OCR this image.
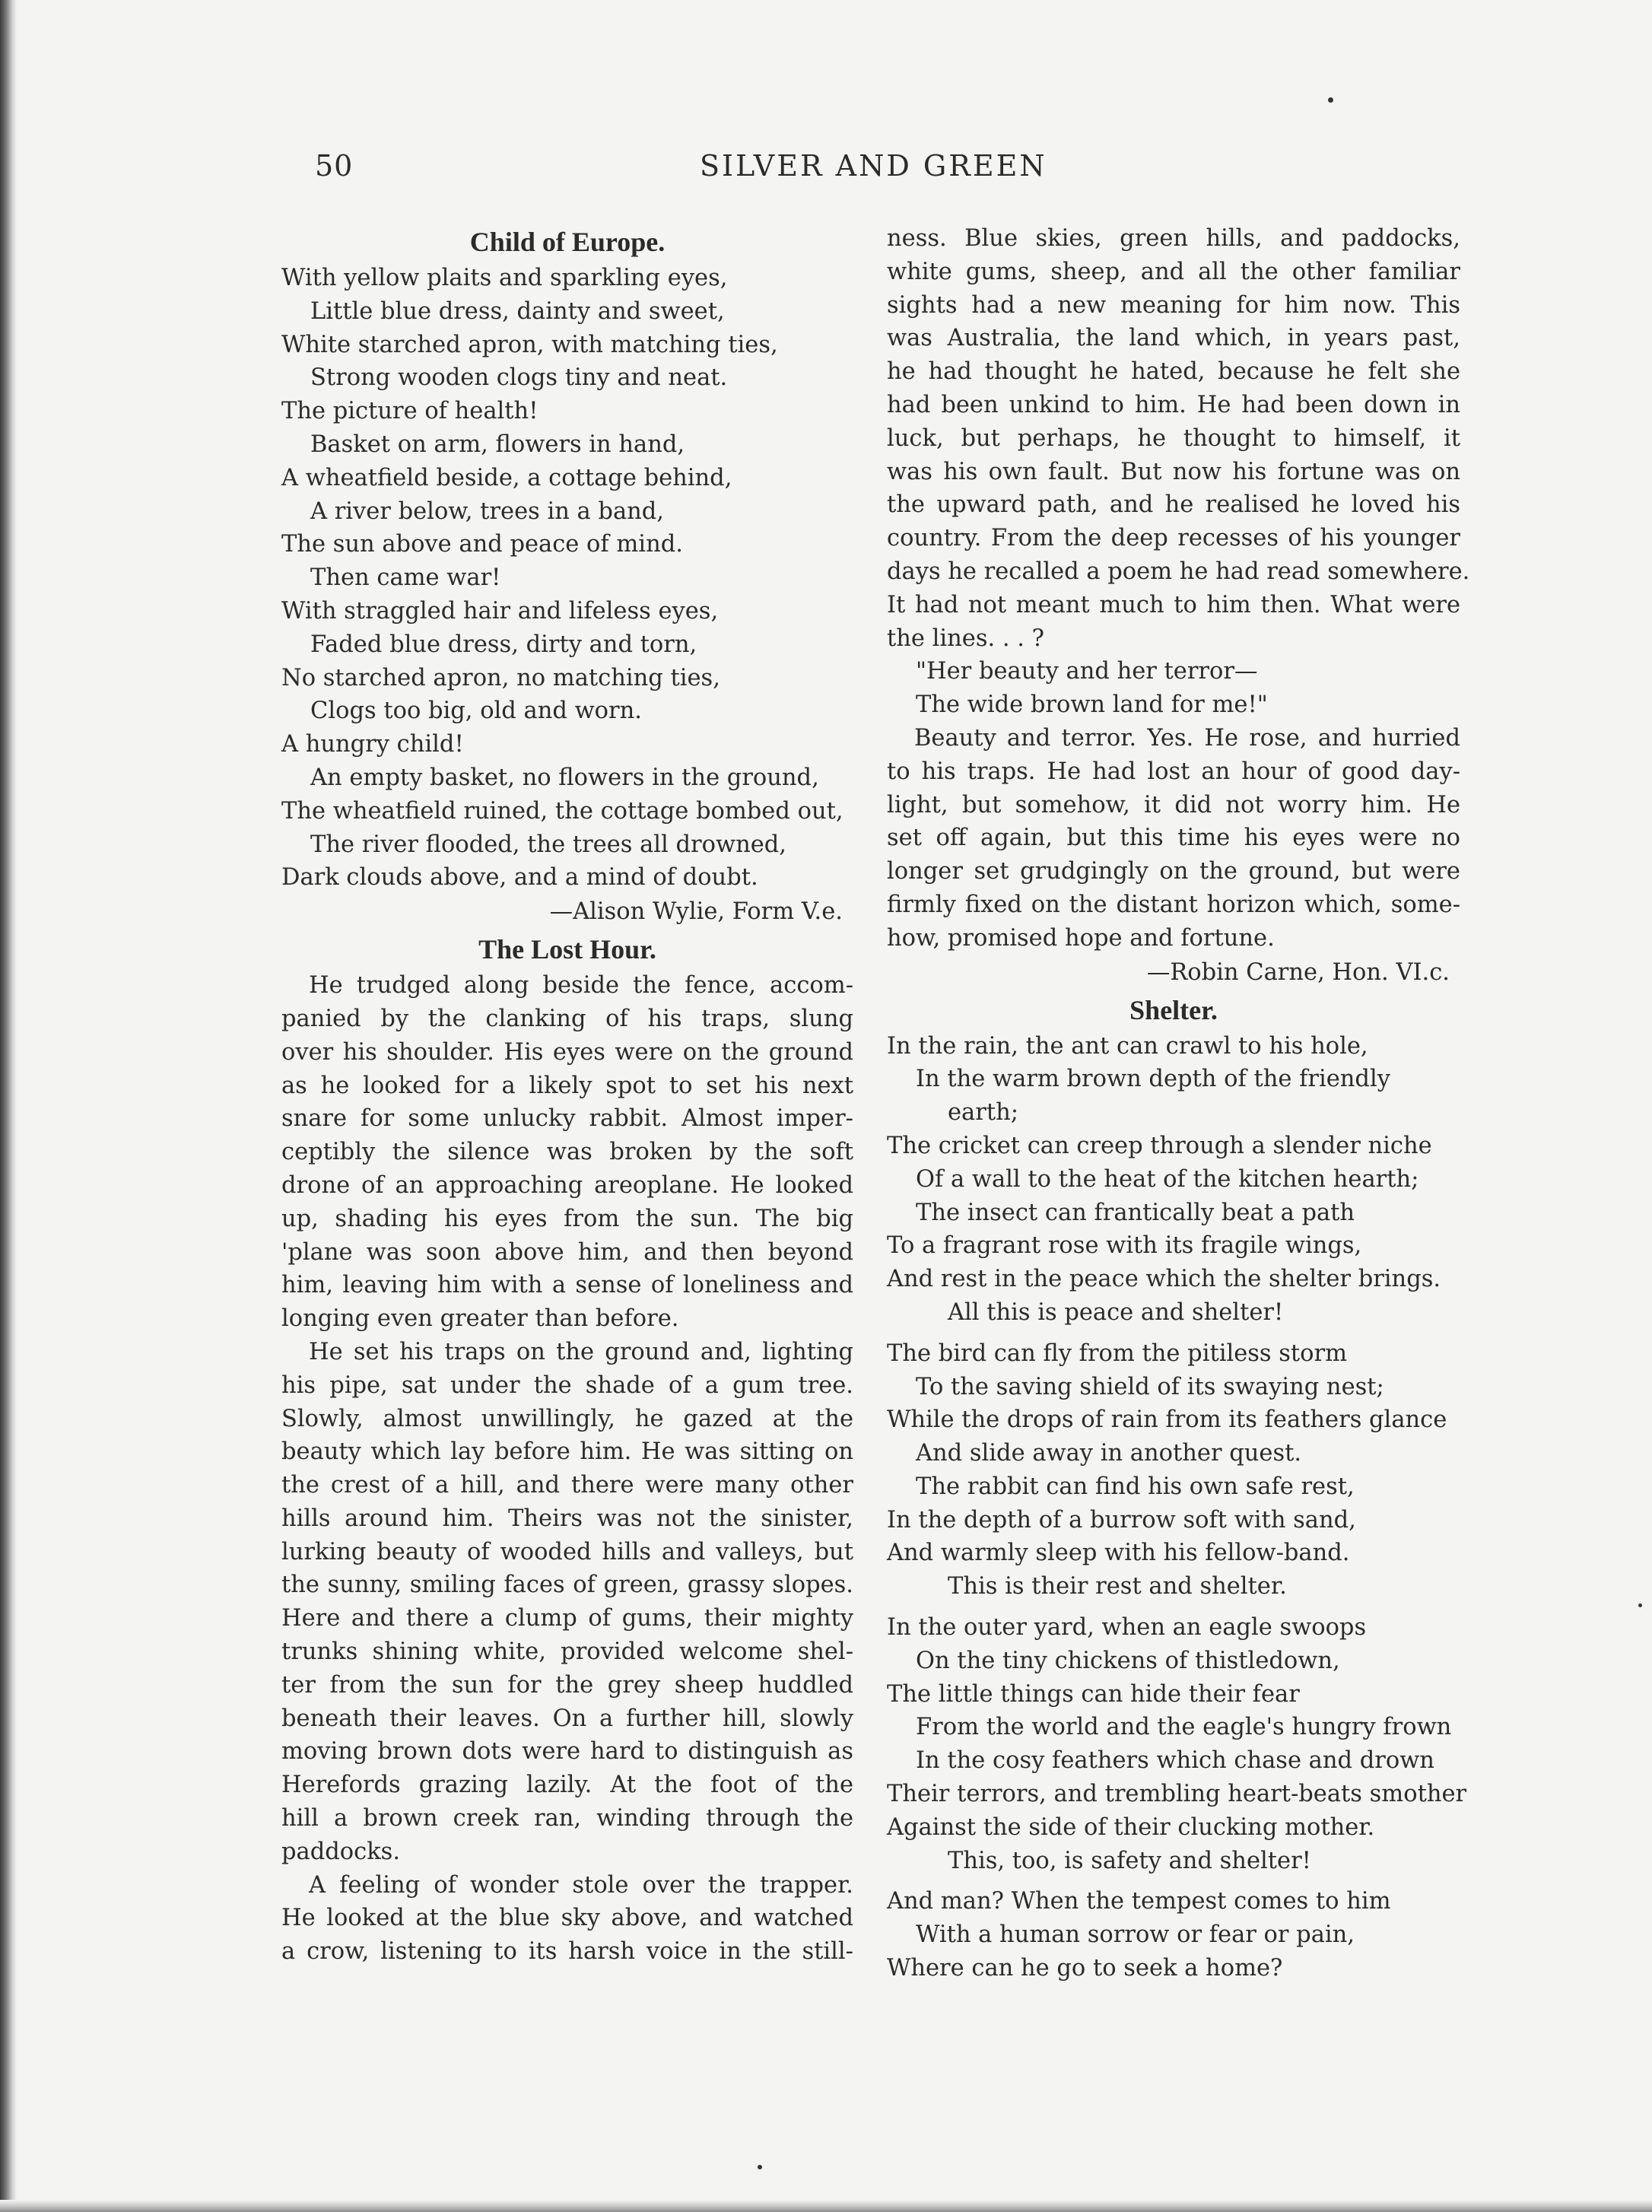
50	SILVER AND GREEN
Child of Europe.
With yellow plaits and sparkling eyes,
Little blue dress, dainty and sweet,
White starched apron, with matching ties,
Strong wooden clogs tiny and neat.
The picture of health!
Basket on arm, flowers in hand,
A wheatfield beside, a cottage behind,
A river below, trees in a band,
The sun above and peace of mind.
Then came war!
With straggled hair and lifeless eyes,
Faded blue dress, dirty and torn,
No starched apron, no matching ties,
Clogs too big, old and worn.
A hungry child!
An empty basket, no flowers in the ground,
The wheatfield ruined, the cottage bombed out,
The river flooded, the trees all drowned,
Dark clouds above, and a mind of doubt.
—Alison Wylie, Form V.e.
The Lost Hour.
He trudged along beside the fence, accom-
panied by the clanking of his traps, slung
over his shoulder. His eyes were on the ground
as he looked for a likely spot to set his next
snare for some unlucky rabbit. Almost imper-
ceptibly the silence was broken by the soft
drone of an approaching areoplane. He looked
up, shading his eyes from the sun. The big
'plane was soon above him, and then beyond
him, leaving him with a sense of loneliness and
longing even greater than before.
He set his traps on the ground and, lighting
his pipe, sat under the shade of a gum tree.
Slowly, almost unwillingly, he gazed at the
beauty which lay before him. He was sitting on
the crest of a hill, and there were many other
hills around him. Theirs was not the sinister,
lurking beauty of wooded hills and valleys, but
the sunny, smiling faces of green, grassy slopes.
Here and there a clump of gums, their mighty
trunks shining white, provided welcome shel-
ter from the sun for the grey sheep huddled
beneath their leaves. On a further hill, slowly
moving brown dots were hard to distinguish as
Herefords grazing lazily. At the foot of the
hill a brown creek ran, winding through the
paddocks.
A feeling of wonder stole over the trapper.
He looked at the blue sky above, and watched
a crow, listening to its harsh voice in the still-
ness. Blue skies, green hills, and paddocks,
white gums, sheep, and all the other familiar
sights had a new meaning for him now. This
was Australia, the land which, in years past,
he had thought he hated, because he felt she
had been unkind to him. He had been down in
luck, but perhaps, he thought to himself, it
was his own fault. But now his fortune was on
the upward path, and he realised he loved his
country. From the deep recesses of his younger
days he recalled a poem he had read somewhere.
It had not meant much to him then. What were
the lines. . . ?
"Her beauty and her terror—
The wide brown land for me!"
Beauty and terror. Yes. He rose, and hurried
to his traps. He had lost an hour of good day-
light, but somehow, it did not worry him. He
set off again, but this time his eyes were no
longer set grudgingly on the ground, but were
firmly fixed on the distant horizon which, some-
how, promised hope and fortune.
—Robin Carne, Hon. VI.c.
Shelter.
In the rain, the ant can crawl to his hole,
In the warm brown depth of the friendly
earth;
The cricket can creep through a slender niche
Of a wall to the heat of the kitchen hearth;
The insect can frantically beat a path
To a fragrant rose with its fragile wings,
And rest in the peace which the shelter brings.
All this is peace and shelter!
The bird can fly from the pitiless storm
To the saving shield of its swaying nest;
While the drops of rain from its feathers glance
And slide away in another quest.
The rabbit can find his own safe rest,
In the depth of a burrow soft with sand,
And warmly sleep with his fellow-band.
This is their rest and shelter.
In the outer yard, when an eagle swoops
On the tiny chickens of thistledown,
The little things can hide their fear
From the world and the eagle's hungry frown
In the cosy feathers which chase and drown
Their terrors, and trembling heart-beats smother
Against the side of their clucking mother.
This, too, is safety and shelter!
And man? When the tempest comes to him
With a human sorrow or fear or pain,
Where can he go to seek a home?
